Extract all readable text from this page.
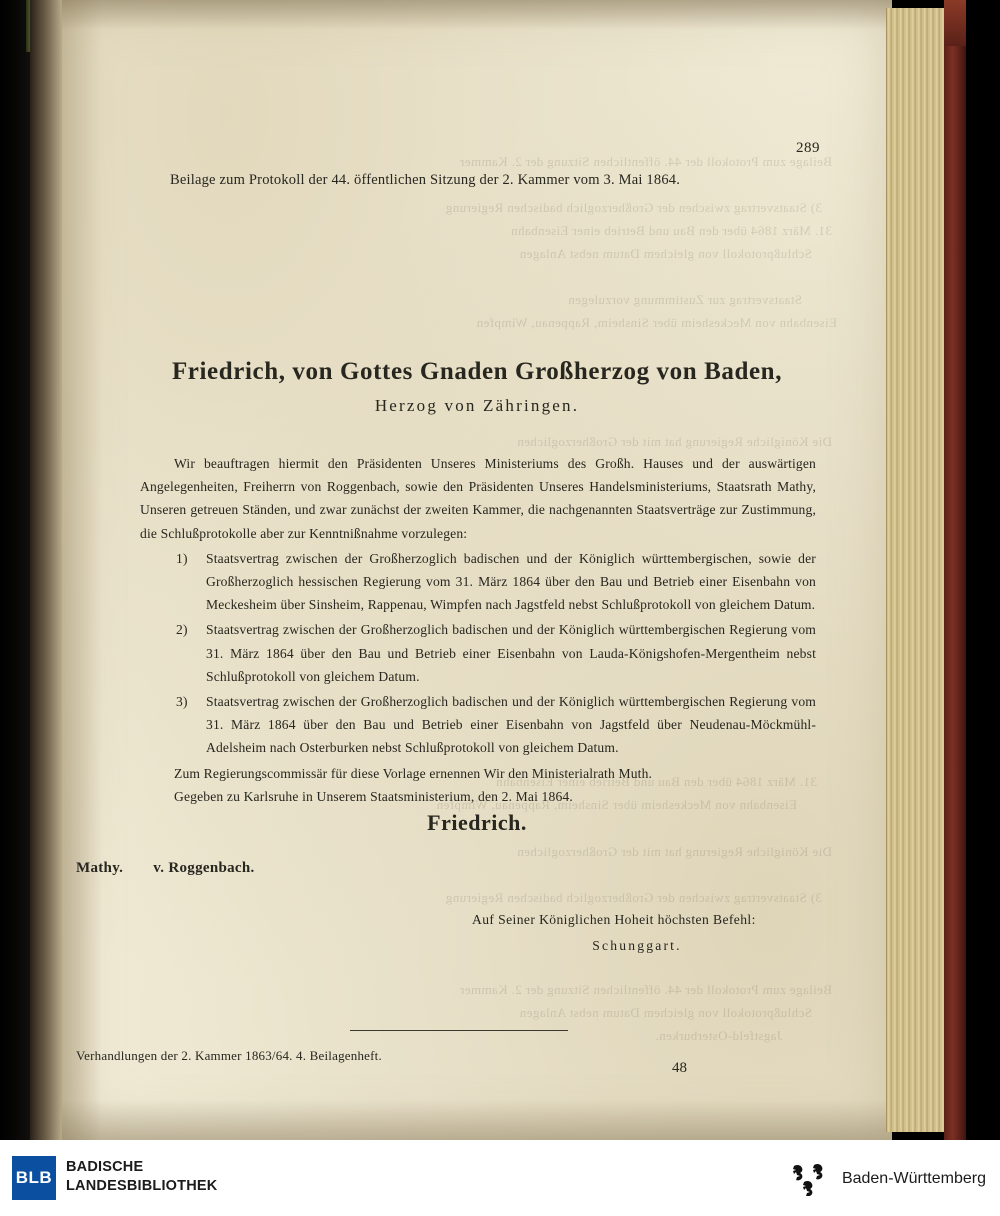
Beilage zum Protokoll der 44. öffentlichen Sitzung der 2. Kammer
3) Staatsvertrag zwischen der Großherzoglich badischen Regierung
31. März 1864 über den Bau und Betrieb einer Eisenbahn
Schlußprotokoll von gleichem Datum nebst Anlagen
Staatsvertrag zur Zustimmung vorzulegen
Eisenbahn von Meckesheim über Sinsheim, Rappenau, Wimpfen
Die Königliche Regierung hat mit der Großherzoglichen
31. März 1864 über den Bau und Betrieb einer Eisenbahn
Eisenbahn von Meckesheim über Sinsheim, Rappenau, Wimpfen
Die Königliche Regierung hat mit der Großherzoglichen
3) Staatsvertrag zwischen der Großherzoglich badischen Regierung
Beilage zum Protokoll der 44. öffentlichen Sitzung der 2. Kammer
Schlußprotokoll von gleichem Datum nebst Anlagen
Jagstfeld-Osterburken.
289
Beilage zum Protokoll der 44. öffentlichen Sitzung der 2. Kammer vom 3. Mai 1864.
Friedrich, von Gottes Gnaden Großherzog von Baden,
Herzog von Zähringen.

Wir beauftragen hiermit den Präsidenten Unseres Ministeriums des Großh. Hauses und der auswärtigen Angelegenheiten, Freiherrn von Roggenbach, sowie den Präsidenten Unseres Handelsministeriums, Staatsrath Mathy, Unseren getreuen Ständen, und zwar zunächst der zweiten Kammer, die nachgenannten Staatsverträge zur Zustimmung, die Schlußprotokolle aber zur Kenntnißnahme vorzulegen:

Staatsvertrag zwischen der Großherzoglich badischen und der Königlich württembergischen, sowie der Großherzoglich hessischen Regierung vom 31. März 1864 über den Bau und Betrieb einer Eisenbahn von Meckesheim über Sinsheim, Rappenau, Wimpfen nach Jagstfeld nebst Schlußprotokoll von gleichem Datum.
Staatsvertrag zwischen der Großherzoglich badischen und der Königlich württembergischen Regierung vom 31. März 1864 über den Bau und Betrieb einer Eisenbahn von Lauda-Königshofen-Mergentheim nebst Schlußprotokoll von gleichem Datum.
Staatsvertrag zwischen der Großherzoglich badischen und der Königlich württembergischen Regierung vom 31. März 1864 über den Bau und Betrieb einer Eisenbahn von Jagstfeld über Neudenau-Möckmühl-Adelsheim nach Osterburken nebst Schlußprotokoll von gleichem Datum.

Zum Regierungscommissär für diese Vorlage ernennen Wir den Ministerialrath Muth.

Gegeben zu Karlsruhe in Unserem Staatsministerium, den 2. Mai 1864.

Friedrich.
Mathy. v. Roggenbach.
Auf Seiner Königlichen Hoheit höchsten Befehl:
Schunggart.
Verhandlungen der 2. Kammer 1863/64. 4. Beilagenheft.
48
BLB
BADISCHE
LANDESBIBLIOTHEK	Baden-Württemberg
